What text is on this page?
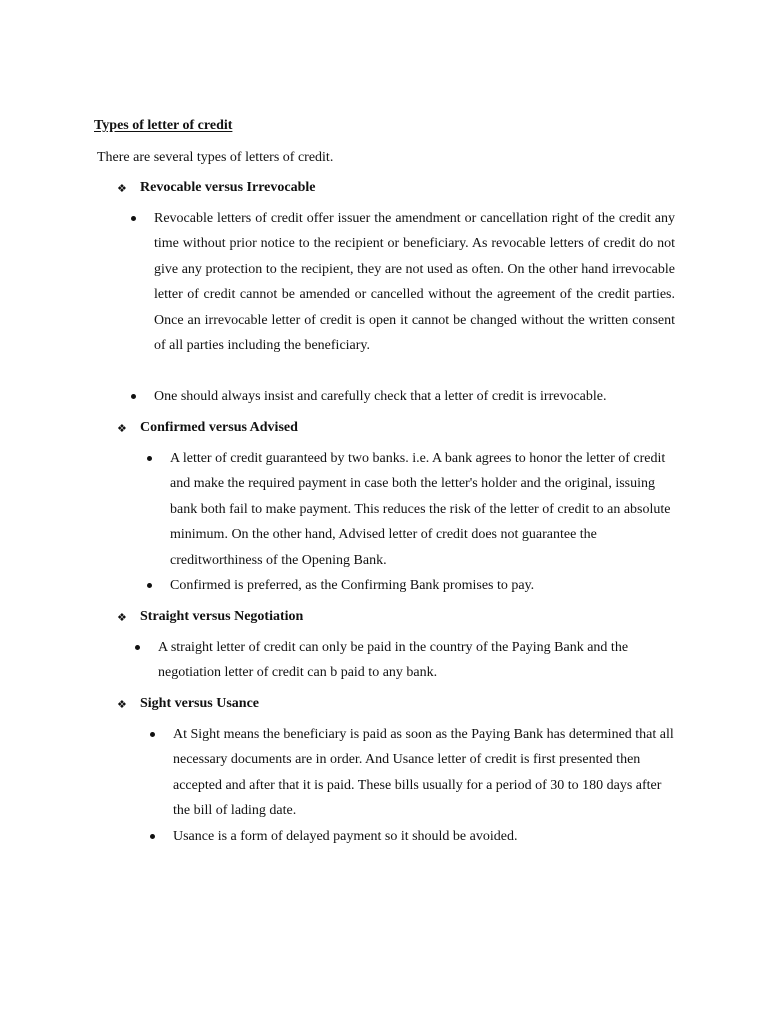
Types of letter of credit
There are several types of letters of credit.
❖ Revocable versus Irrevocable
Revocable letters of credit offer issuer the amendment or cancellation right of the credit any time without prior notice to the recipient or beneficiary. As revocable letters of credit do not give any protection to the recipient, they are not used as often. On the other hand irrevocable letter of credit cannot be amended or cancelled without the agreement of the credit parties. Once an irrevocable letter of credit is open it cannot be changed without the written consent of all parties including the beneficiary.
One should always insist and carefully check that a letter of credit is irrevocable.
❖ Confirmed versus Advised
A letter of credit guaranteed by two banks. i.e. A bank agrees to honor the letter of credit and make the required payment in case both the letter's holder and the original, issuing bank both fail to make payment. This reduces the risk of the letter of credit to an absolute minimum. On the other hand, Advised letter of credit does not guarantee the creditworthiness of the Opening Bank.
Confirmed is preferred, as the Confirming Bank promises to pay.
❖ Straight versus Negotiation
A straight letter of credit can only be paid in the country of the Paying Bank and the negotiation letter of credit can b paid to any bank.
❖ Sight versus Usance
At Sight means the beneficiary is paid as soon as the Paying Bank has determined that all necessary documents are in order. And Usance letter of credit is first presented then accepted and after that it is paid. These bills usually for a period of 30 to 180 days after the bill of lading date.
Usance is a form of delayed payment so it should be avoided.
